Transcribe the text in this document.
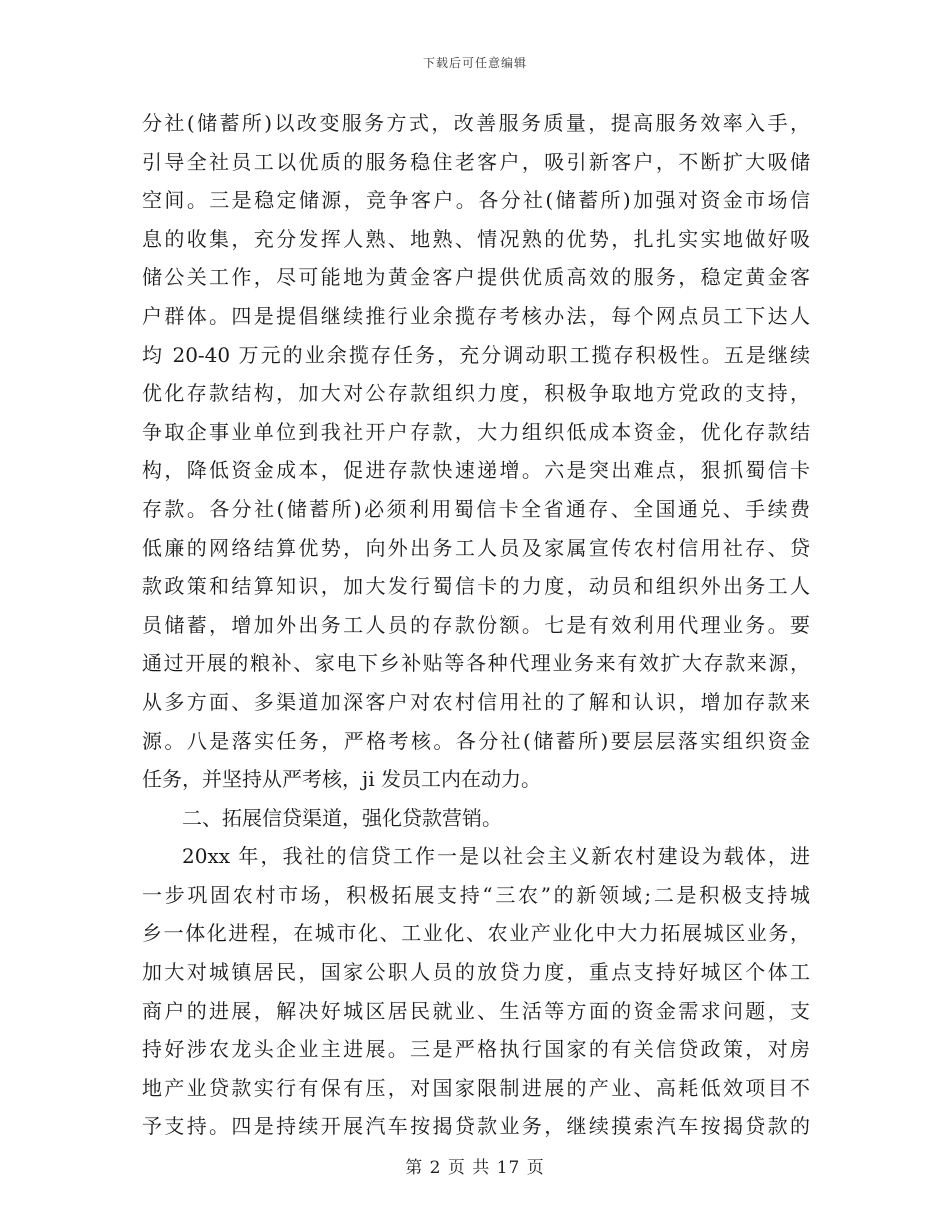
下载后可任意编辑
分社(储蓄所)以改变服务方式，改善服务质量，提高服务效率入手，
引导全社员工以优质的服务稳住老客户，吸引新客户，不断扩大吸储
空间。三是稳定储源，竞争客户。各分社(储蓄所)加强对资金市场信
息的收集，充分发挥人熟、地熟、情况熟的优势，扎扎实实地做好吸
储公关工作，尽可能地为黄金客户提供优质高效的服务，稳定黄金客
户群体。四是提倡继续推行业余揽存考核办法，每个网点员工下达人
均 20-40 万元的业余揽存任务，充分调动职工揽存积极性。五是继续
优化存款结构，加大对公存款组织力度，积极争取地方党政的支持，
争取企事业单位到我社开户存款，大力组织低成本资金，优化存款结
构，降低资金成本，促进存款快速递增。六是突出难点，狠抓蜀信卡
存款。各分社(储蓄所)必须利用蜀信卡全省通存、全国通兑、手续费
低廉的网络结算优势，向外出务工人员及家属宣传农村信用社存、贷
款政策和结算知识，加大发行蜀信卡的力度，动员和组织外出务工人
员储蓄，增加外出务工人员的存款份额。七是有效利用代理业务。要
通过开展的粮补、家电下乡补贴等各种代理业务来有效扩大存款来源，
从多方面、多渠道加深客户对农村信用社的了解和认识，增加存款来
源。八是落实任务，严格考核。各分社(储蓄所)要层层落实组织资金
任务，并坚持从严考核，ji 发员工内在动力。
二、拓展信贷渠道，强化贷款营销。
20xx 年，我社的信贷工作一是以社会主义新农村建设为载体，进
一步巩固农村市场，积极拓展支持“三农”的新领域;二是积极支持城
乡一体化进程，在城市化、工业化、农业产业化中大力拓展城区业务，
加大对城镇居民，国家公职人员的放贷力度，重点支持好城区个体工
商户的进展，解决好城区居民就业、生活等方面的资金需求问题，支
持好涉农龙头企业主进展。三是严格执行国家的有关信贷政策，对房
地产业贷款实行有保有压，对国家限制进展的产业、高耗低效项目不
予支持。四是持续开展汽车按揭贷款业务，继续摸索汽车按揭贷款的
第 2 页 共 17 页
